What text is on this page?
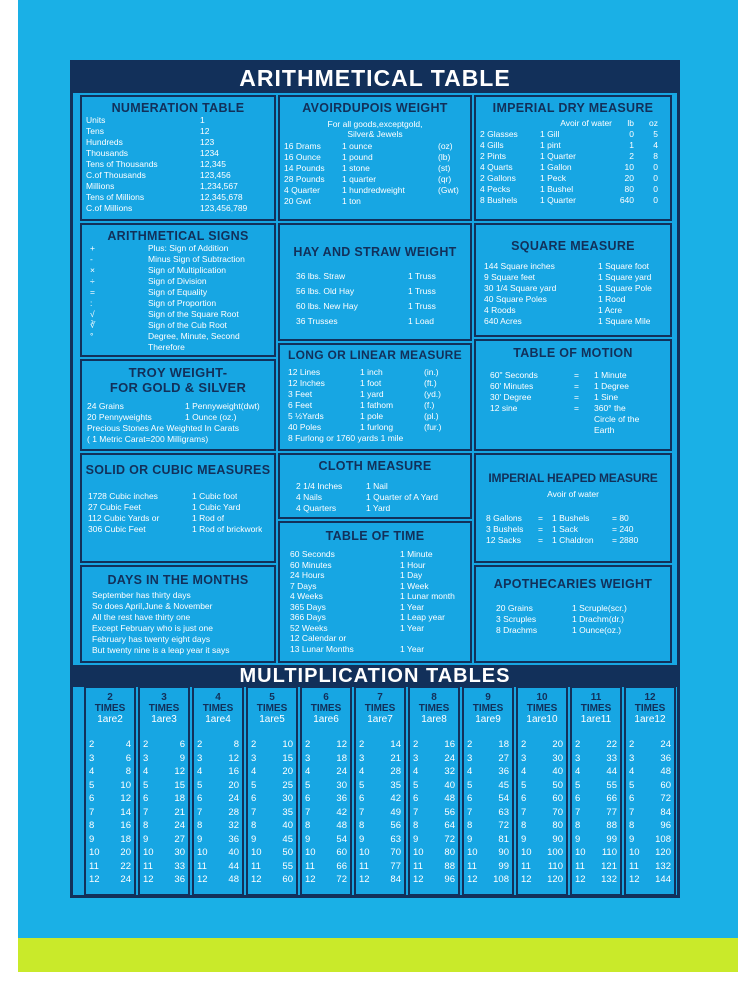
ARITHMETICAL TABLE
NUMERATION TABLE
Units	1
Tens	12
Hundreds	123
Thousands	1234
Tens of Thousands	12,345
C.of Thousands	123,456
Millions	1,234,567
Tens of Millions	12,345,678
C.of Millions	123,456,789
AVOIRDUPOIS WEIGHT
For all goods,exceptgold, Silver& Jewels
16 Drams	1 ounce	(oz)
16 Ounce	1 pound	(lb)
14 Pounds	1 stone	(st)
28 Pounds	1 quarter	(qr)
4 Quarter	1 hundredweight	(Gwt)
20 Gwt	1 ton
IMPERIAL DRY MEASURE
Avoir of water	lb	oz
2 Glasses	1 Gill	0	5
4 Gills	1 pint	1	4
2 Pints	1 Quarter	2	8
4 Quarts	1 Gallon	10	0
2 Gallons	1 Peck	20	0
4 Pecks	1 Bushel	80	0
8 Bushels	1 Quarter	640	0
ARITHMETICAL SIGNS
+	Plus: Sign of Addition
-	Minus Sign of Subtraction
×	Sign of Multiplication
÷	Sign of Division
=	Sign of Equality
:	Sign of Proportion
√	Sign of the Square Root
∛	Sign of the Cub Root
°	Degree, Minute, Second
Therefore
HAY AND STRAW WEIGHT
36 lbs. Straw	1 Truss
56 lbs. Old Hay	1 Truss
60 lbs. New Hay	1 Truss
36 Trusses	1 Load
SQUARE MEASURE
144 Square inches	1 Square foot
9 Square feet	1 Square yard
30 1/4 Square yard	1 Square Pole
40 Square Poles	1 Rood
4 Roods	1 Acre
640 Acres	1 Square Mile
TROY WEIGHT-
FOR GOLD & SILVER
24 Grains	1 Pennyweight(dwt)
20 Pennyweights	1 Ounce (oz.)
Precious Stones Are Weighted In Carats
( 1 Metric Carat=200 Milligrams)
LONG OR LINEAR MEASURE
12 Lines	1 inch	(in.)
12 Inches	1 foot	(ft.)
3 Feet	1 yard	(yd.)
6 Feet	1 fathom	(f.)
5 ½Yards	1 pole	(pl.)
40 Poles	1 furlong	(fur.)
8 Furlong or 1760 yards 1 mile
TABLE OF MOTION
60" Seconds	=	1 Minute
60' Minutes	=	1 Degree
30' Degree	=	1 Sine
12 sine	=	360° the
Circle of the
Earth
SOLID OR CUBIC MEASURES
1728 Cubic inches	1 Cubic foot
27 Cubic Feet	1 Cubic Yard
112 Cubic Yards or	1 Rod of
306 Cubic Feet	1 Rod of brickwork
CLOTH MEASURE
2 1/4 Inches	1 Nail
4 Nails	1 Quarter of A Yard
4 Quarters	1 Yard
IMPERIAL HEAPED MEASURE
Avoir of water
8 Gallons	=	1 Bushels	= 80
3 Bushels	=	1 Sack	= 240
12 Sacks	=	1 Chaldron	= 2880
TABLE OF TIME
60 Seconds	1 Minute
60 Minutes	1 Hour
24 Hours	1 Day
7 Days	1 Week
4 Weeks	1 Lunar month
365 Days	1 Year
366 Days	1 Leap year
52 Weeks	1 Year
12 Calendar or
13 Lunar Months	1 Year
DAYS IN THE MONTHS
September has thirty days
So does April,June & November
All the rest have thirty one
Except February who is just one
February has twenty eight days
But twenty nine is a leap year it says
APOTHECARIES WEIGHT
20 Grains	1 Scruple(scr.)
3 Scruples	1 Drachm(dr.)
8 Drachms	1 Ounce(oz.)
MULTIPLICATION TABLES
2
TIMES
1are2
2	4
3	6
4	8
5	10
6	12
7	14
8	16
9	18
10 20
11 22
12 24
3
TIMES
1are3
2	6
3	9
4	12
5	15
6	18
7	21
8	24
9	27
10 30
11 33
12 36
4
TIMES
1are4
2	8
3	12
4	16
5	20
6	24
7	28
8	32
9	36
10 40
11 44
12 48
5
TIMES
1are5
2	10
3	15
4	20
5	25
6	30
7	35
8	40
9	45
10 50
11 55
12 60
6
TIMES
1are6
2	12
3	18
4	24
5	30
6	36
7	42
8	48
9	54
10 60
11 66
12 72
7
TIMES
1are7
2	14
3	21
4	28
5	35
6	42
7	49
8	56
9	63
10 70
11 77
12 84
8
TIMES
1are8
2	16
3	24
4	32
5	40
6	48
7	56
8	64
9	72
10 80
11 88
12 96
9
TIMES
1are9
2	18
3	27
4	36
5	45
6	54
7	63
8	72
9	81
10 90
11 99
12 108
10
TIMES
1are10
2	20
3	30
4	40
5	50
6	60
7	70
8	80
9	90
10 100
11 110
12 120
11
TIMES
1are11
2	22
3	33
4	44
5	55
6	66
7	77
8	88
9	99
10 110
11 121
12 132
12
TIMES
1are12
2	24
3	36
4	48
5	60
6	72
7	84
8	96
9 108
10 120
11 132
12 144
